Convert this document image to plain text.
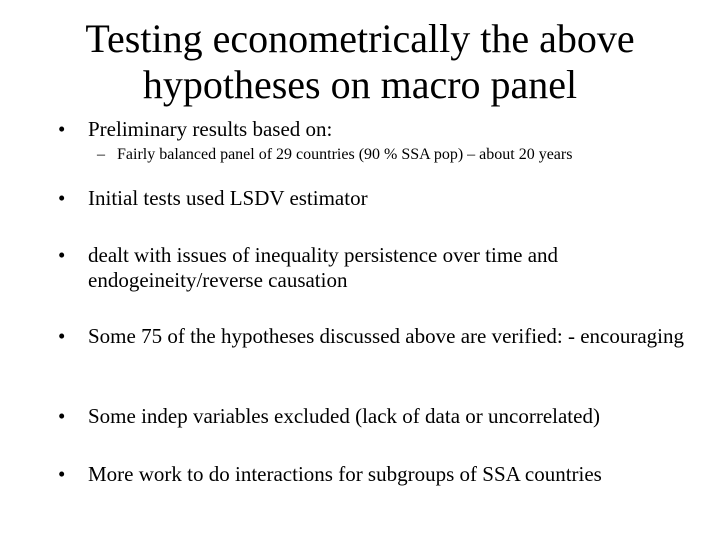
Testing econometrically the above
hypotheses on macro panel
•	Preliminary results based on:
– Fairly balanced panel of 29 countries (90 % SSA pop) – about 20 years
•	Initial tests used LSDV estimator
•	dealt with issues of inequality persistence over time and endogeineity/reverse causation
•	Some 75 of the hypotheses discussed above are verified: - encouraging
•	Some indep variables excluded (lack of data or uncorrelated)
•	More work to do interactions for subgroups of SSA countries
